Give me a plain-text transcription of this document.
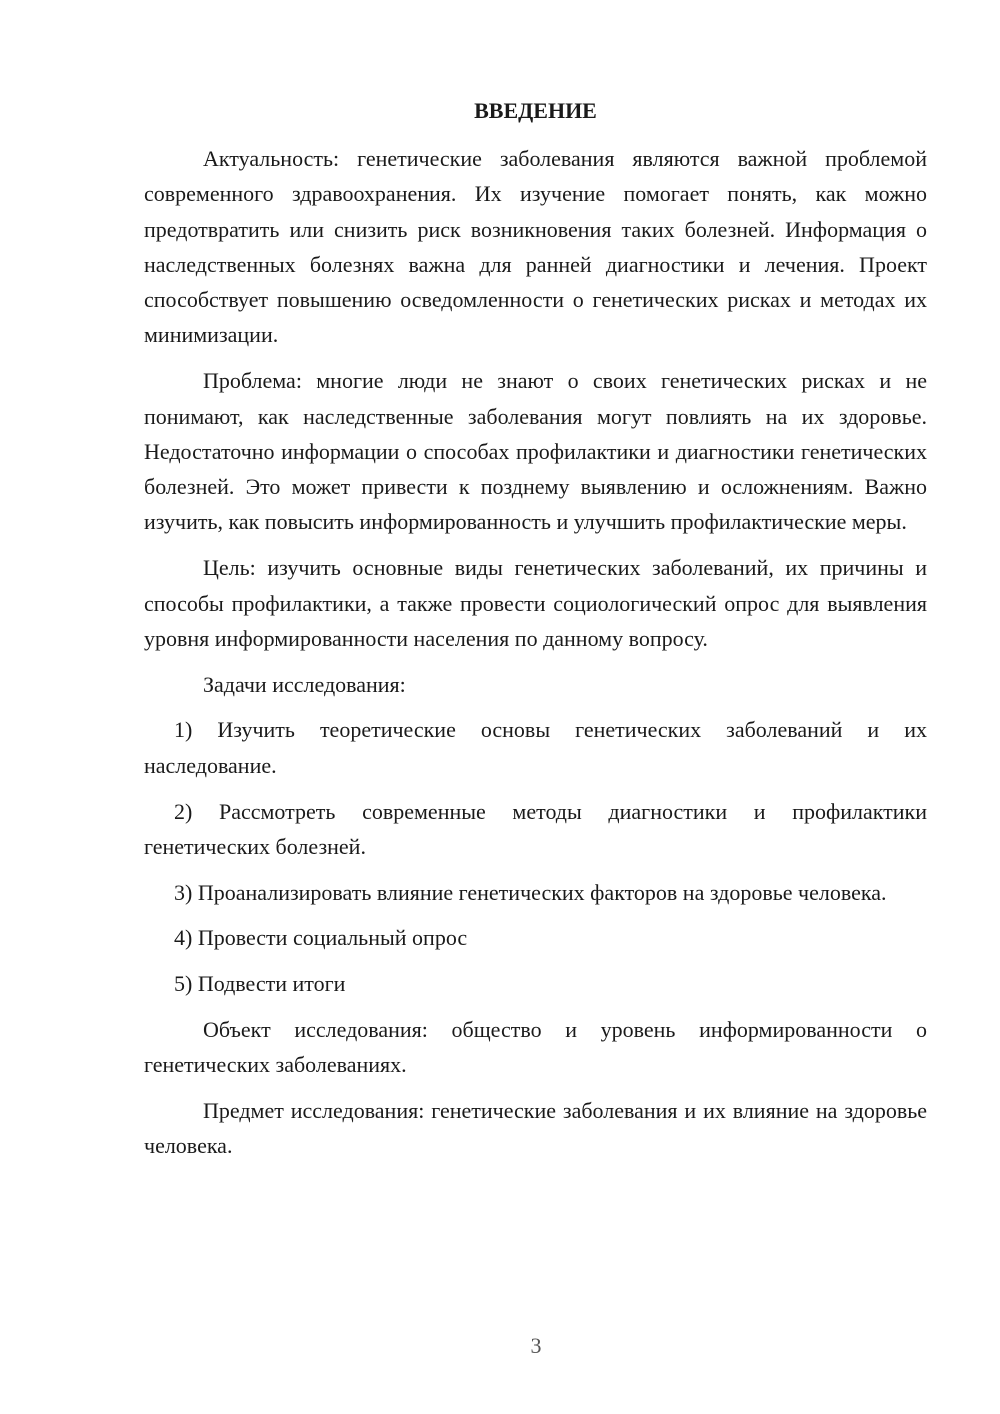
ВВЕДЕНИЕ

Актуальность: генетические заболевания являются важной проблемой современного здравоохранения. Их изучение помогает понять, как можно предотвратить или снизить риск возникновения таких болезней. Информация о наследственных болезнях важна для ранней диагностики и лечения. Проект способствует повышению осведомленности о генетических рисках и методах их минимизации.

Проблема: многие люди не знают о своих генетических рисках и не понимают, как наследственные заболевания могут повлиять на их здоровье. Недостаточно информации о способах профилактики и диагностики генетических болезней. Это может привести к позднему выявлению и осложнениям. Важно изучить, как повысить информированность и улучшить профилактические меры.

Цель: изучить основные виды генетических заболеваний, их причины и способы профилактики, а также провести социологический опрос для выявления уровня информированности населения по данному вопросу.

Задачи исследования:

1) Изучить теоретические основы генетических заболеваний и их наследование.

2) Рассмотреть современные методы диагностики и профилактики генетических болезней.

3) Проанализировать влияние генетических факторов на здоровье человека.

4) Провести социальный опрос

5) Подвести итоги

Объект исследования: общество и уровень информированности о генетических заболеваниях.

Предмет исследования: генетические заболевания и их влияние на здоровье человека.

3
